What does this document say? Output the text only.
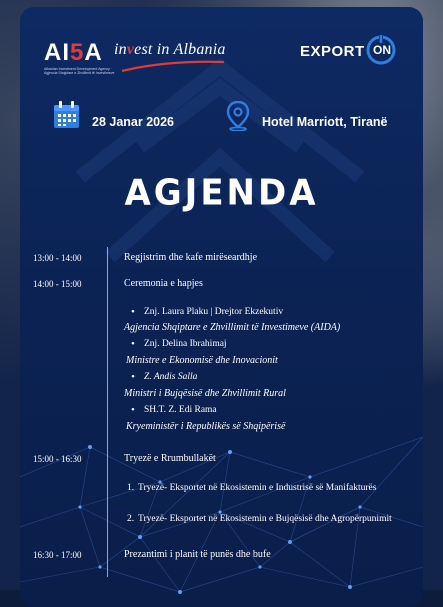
AI5A
Albanian Investment Development Agency · Agjencia Shqiptare e Zhvillimit të Investimeve
invest in Albania	EXPORT ON
28 Janar 2026	Hotel Marriott, Tiranë
AGJENDA
13:00 - 14:00
14:00 - 15:00
15:00 - 16:30
16:30 - 17:00
Regjistrim dhe kafe mirëseardhje
Ceremonia e hapjes
Tryezë e Rrumbullakët
Prezantimi i planit të punës dhe bufe
• Znj. Laura Plaku | Drejtor Ekzekutiv
Agjencia Shqiptare e Zhvillimit të Investimeve (AIDA)
• Znj. Delina Ibrahimaj
Ministre e Ekonomisë dhe Inovacionit
• Z. Andis Salla
Ministri i Bujqësisë dhe Zhvillimit Rural
• SH.T. Z. Edi Rama
Kryeministër i Republikës së Shqipërisë
1. Tryezë- Eksportet në Ekosistemin e Industrisë së Manifakturës
2. Tryezë- Eksportet në Ekosistemin e Bujqësisë dhe Agropërpunimit
